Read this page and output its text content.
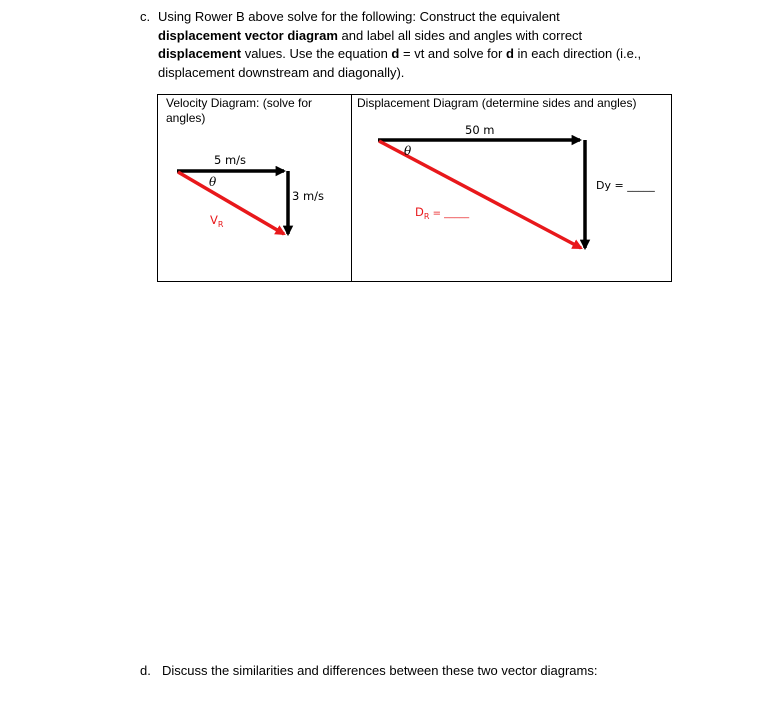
c. Using Rower B above solve for the following: Construct the equivalent
displacement vector diagram and label all sides and angles with correct
displacement values. Use the equation d = vt and solve for d in each direction (i.e.,
displacement downstream and diagonally).
Velocity Diagram: (solve for
angles)
Displacement Diagram (determine sides and angles)
5 m/s
3 m/s
θ
$V_R$
50 m
θ
$D_R$ = _____
Dy = _____
d. Discuss the similarities and differences between these two vector diagrams:
